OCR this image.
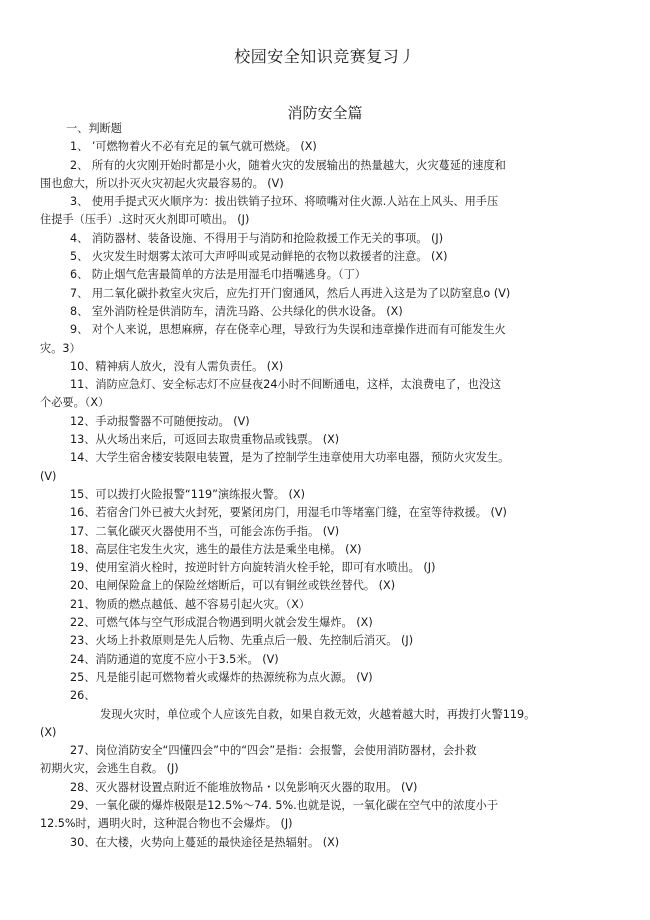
校园安全知识竞赛复习丿
消防安全篇
一、判断题
1、 ’可燃物着火不必有充足的氧气就可燃烧。 (X)
2、 所有的火灾刚开始时都是小火，随着火灾的发展输出的热量越大，火灾蔓延的速度和
围也愈大，所以扑灭火灾初起火灾最容易的。 (V)
3、 使用手提式灭火顺序为：拔出铁销子拉环、将喷嘴对住火源.人站在上风头、用手压
住提手（压手）.这时灭火剂即可喷出。 (J)
4、 消防器材、装备设施、不得用于与消防和抢险救援工作无关的事项。 (J)
5、 火灾发生时烟雾太浓可大声呼叫或晃动鲜艳的衣物以救援者的注意。 (X)
6、 防止烟气危害最简单的方法是用湿毛巾捂嘴逃身。（丁）
7、 用二氧化碳扑救室火灾后，应先打开门窗通风，然后人再进入这是为了以防窒息o (V)
8、 室外消防栓是供消防车，清洗马路、公共绿化的供水设备。 (X)
9、 对个人来说，思想麻痹，存在侥幸心理，导致行为失误和违章操作进而有可能发生火
灾。3）
10、精神病人放火，没有人需负责任。 (X)
11、消防应急灯、安全标志灯不应昼夜24小时不间断通电，这样，太浪费电了，也没这
个必要。（X）
12、手动报警器不可随便按动。 (V)
13、从火场出来后，可返回去取贵重物品或钱票。 (X)
14、大学生宿舍楼安装限电装置，是为了控制学生违章使用大功率电器，预防火灾发生。
(V)
15、可以拨打火险报警“119”演练报火警。 (X)
16、若宿舍门外已被大火封死，要紧闭房门，用湿毛巾等堵塞门缝，在室等待救援。 (V)
17、二氧化碳灭火器使用不当，可能会冻伤手指。 (V)
18、高层住宅发生火灾，逃生的最佳方法是乘坐电梯。 (X)
19、使用室消火栓时，按逆时针方向旋转消火栓手轮，即可有水喷出。 (J)
20、电闸保险盒上的保险丝熔断后，可以有铜丝或铁丝替代。 (X)
21、物质的燃点越低、越不容易引起火灾。（X）
22、可燃气体与空气形成混合物遇到明火就会发生爆炸。 (X)
23、火场上扑救原则是先人后物、先重点后一般、先控制后消灭。 (J)
24、消防通道的宽度不应小于3.5米。 (V)
25、凡是能引起可燃物着火或爆炸的热源统称为点火源。 (V)
26、
发现火灾时，单位或个人应该先自救，如果自救无效，火越着越大时，再拨打火警119。
(X)
27、岗位消防安全“四懂四会”中的“四会”是指：会报警，会使用消防器材，会扑救
初期火灾，会逃生自救。 (J)
28、灭火器材设置点附近不能堆放物品・以免影响灭火器的取用。 (V)
29、一氧化碳的爆炸极限是12.5%～74. 5%.也就是说，一氧化碳在空气中的浓度小于
12.5%时，遇明火时，这种混合物也不会爆炸。 (J)
30、在大楼，火势向上蔓延的最快途径是热辐射。 (X)
